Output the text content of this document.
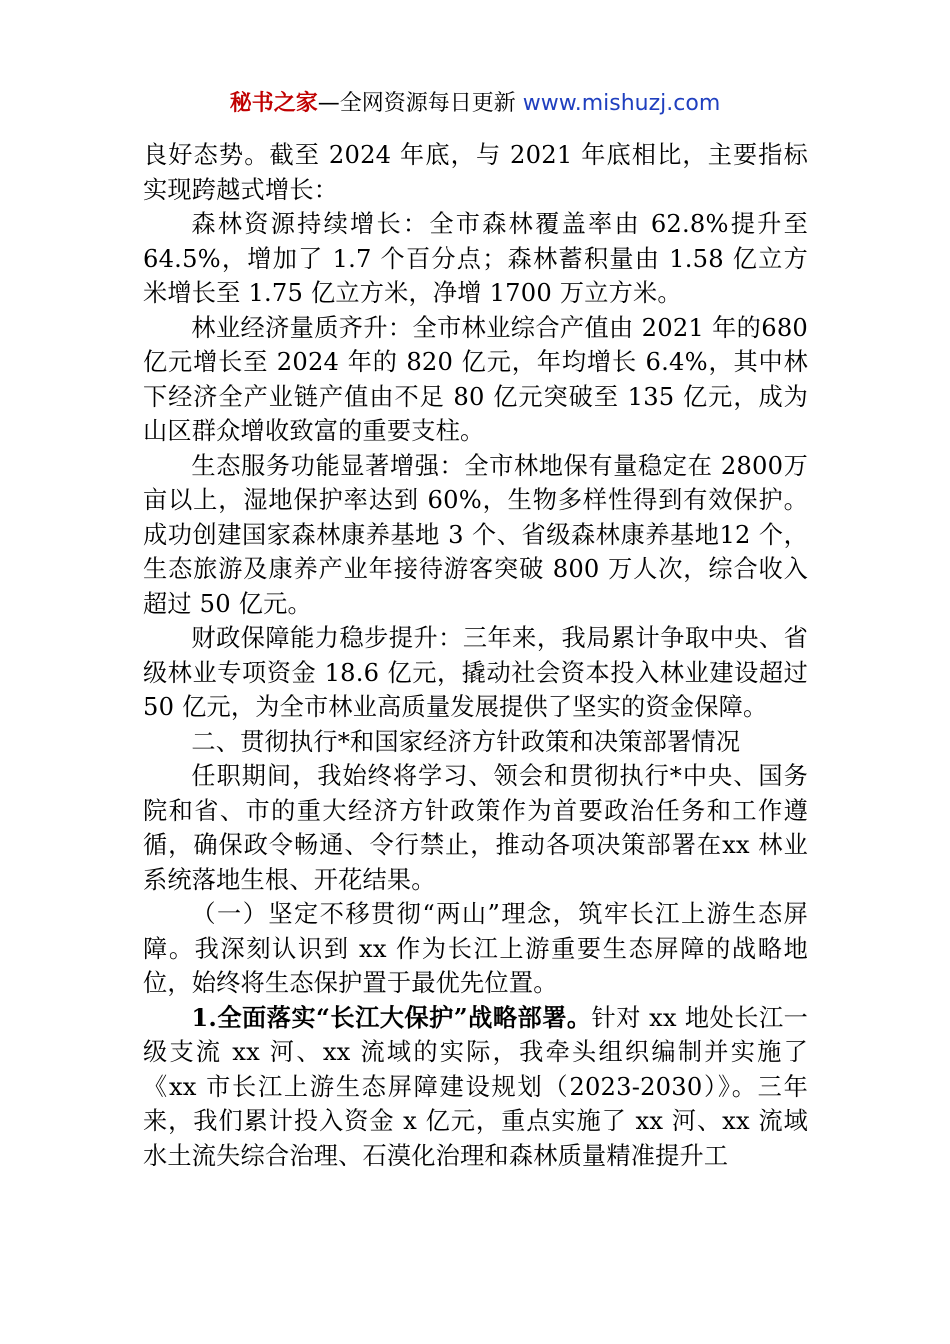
秘书之家—全网资源每日更新 www.mishuzj.com

良好态势。截至 2024 年底，与 2021 年底相比，主要指标实现跨越式增长：

森林资源持续增长：全市森林覆盖率由 62.8%提升至64.5%，增加了 1.7 个百分点；森林蓄积量由 1.58 亿立方米增长至 1.75 亿立方米，净增 1700 万立方米。

林业经济量质齐升：全市林业综合产值由 2021 年的680 亿元增长至 2024 年的 820 亿元，年均增长 6.4%，其中林下经济全产业链产值由不足 80 亿元突破至 135 亿元，成为山区群众增收致富的重要支柱。

生态服务功能显著增强：全市林地保有量稳定在 2800万亩以上，湿地保护率达到 60%，生物多样性得到有效保护。成功创建国家森林康养基地 3 个、省级森林康养基地12 个，生态旅游及康养产业年接待游客突破 800 万人次，综合收入超过 50 亿元。

财政保障能力稳步提升：三年来，我局累计争取中央、省级林业专项资金 18.6 亿元，撬动社会资本投入林业建设超过 50 亿元，为全市林业高质量发展提供了坚实的资金保障。

二、贯彻执行*和国家经济方针政策和决策部署情况

任职期间，我始终将学习、领会和贯彻执行*中央、国务院和省、市的重大经济方针政策作为首要政治任务和工作遵循，确保政令畅通、令行禁止，推动各项决策部署在xx 林业系统落地生根、开花结果。

（一）坚定不移贯彻“两山”理念，筑牢长江上游生态屏障。我深刻认识到 xx 作为长江上游重要生态屏障的战略地位，始终将生态保护置于最优先位置。

1.全面落实“长江大保护”战略部署。针对 xx 地处长江一级支流 xx 河、xx 流域的实际，我牵头组织编制并实施了《xx 市长江上游生态屏障建设规划（2023-2030）》。三年来，我们累计投入资金 x 亿元，重点实施了 xx 河、xx 流域水土流失综合治理、石漠化治理和森林质量精准提升工
